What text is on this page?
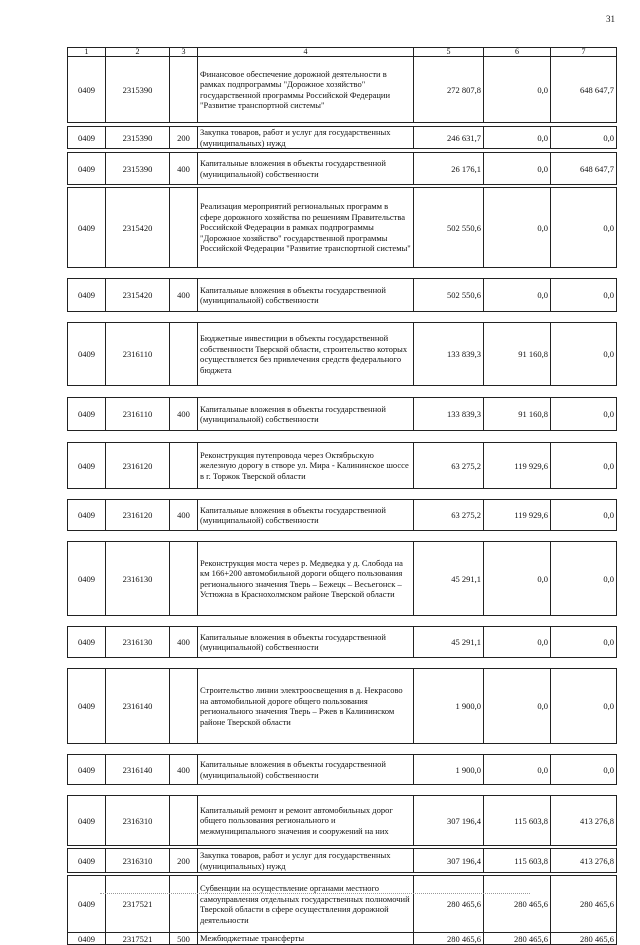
31
1	2	3	4	5	6	7
0409	2315390		Финансовое обеспечение дорожной деятельности в рамках подпрограммы "Дорожное хозяйство" государственной программы Российской Федерации "Развитие транспортной системы"	272 807,8	0,0	648 647,7

0409	2315390	200	Закупка товаров, работ и услуг для государственных (муниципальных) нужд	246 631,7	0,0	0,0

0409	2315390	400	Капитальные вложения в объекты государственной (муниципальной) собственности	26 176,1	0,0	648 647,7

0409	2315420		Реализация мероприятий региональных программ в сфере дорожного хозяйства по решениям Правительства Российской Федерации в рамках подпрограммы "Дорожное хозяйство" государственной программы Российской Федерации "Развитие транспортной системы"	502 550,6	0,0	0,0

0409	2315420	400	Капитальные вложения в объекты государственной (муниципальной) собственности	502 550,6	0,0	0,0

0409	2316110		Бюджетные инвестиции в объекты государственной собственности Тверской области, строительство которых осуществляется без привлечения средств федерального бюджета	133 839,3	91 160,8	0,0

0409	2316110	400	Капитальные вложения в объекты государственной (муниципальной) собственности	133 839,3	91 160,8	0,0

0409	2316120		Реконструкция путепровода через Октябрьскую железную дорогу в створе ул. Мира - Калининское шоссе в г. Торжок Тверской области	63 275,2	119 929,6	0,0

0409	2316120	400	Капитальные вложения в объекты государственной (муниципальной) собственности	63 275,2	119 929,6	0,0

0409	2316130		Реконструкция моста через р. Медведка у д. Слобода на км 166+200 автомобильной дороги общего пользования регионального значения Тверь – Бежецк – Весьегонск – Устюжна в Краснохолмском районе Тверской области	45 291,1	0,0	0,0

0409	2316130	400	Капитальные вложения в объекты государственной (муниципальной) собственности	45 291,1	0,0	0,0

0409	2316140		Строительство линии электроосвещения в д. Некрасово на автомобильной дороге общего пользования регионального значения Тверь – Ржев в Калининском районе Тверской области	1 900,0	0,0	0,0

0409	2316140	400	Капитальные вложения в объекты государственной (муниципальной) собственности	1 900,0	0,0	0,0

0409	2316310		Капитальный ремонт и ремонт автомобильных дорог общего пользования регионального и межмуниципального значения и сооружений на них	307 196,4	115 603,8	413 276,8

0409	2316310	200	Закупка товаров, работ и услуг для государственных (муниципальных) нужд	307 196,4	115 603,8	413 276,8

0409	2317521		Субвенции на осуществление органами местного самоуправления отдельных государственных полномочий Тверской области в сфере осуществления дорожной деятельности	280 465,6	280 465,6	280 465,6
0409	2317521	500	Межбюджетные трансферты	280 465,6	280 465,6	280 465,6
